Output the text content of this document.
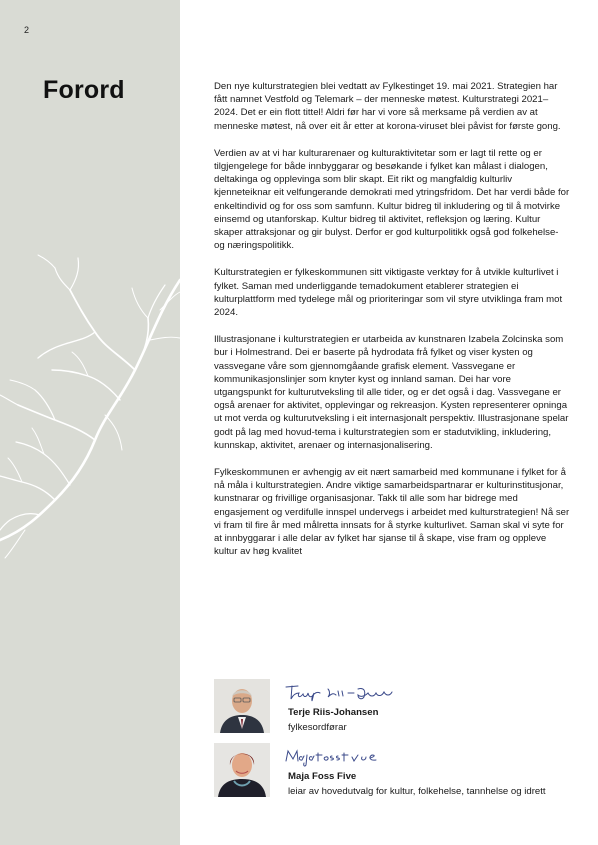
2
Forord	Den nye kulturstrategien blei vedtatt av Fylkestinget 19. mai 2021. Strategien har fått namnet Vestfold og Telemark – der menneske møtest. Kulturstrategi 2021–2024. Det er ein flott tittel! Aldri før har vi vore så merksame på verdien av at menneske møtest, nå over eit år etter at korona-viruset blei påvist for første gong.

Verdien av at vi har kulturarenaer og kulturaktivitetar som er lagt til rette og er tilgjengelege for både innbyggarar og besøkande i fylket kan målast i dialogen, deltakinga og opplevinga som blir skapt. Eit rikt og mangfaldig kulturliv kjenneteiknar eit velfungerande demokrati med ytringsfridom. Det har verdi både for enkeltindivid og for oss som samfunn. Kultur bidreg til inkludering og til å motvirke einsemd og utanforskap. Kultur bidreg til aktivitet, refleksjon og læring. Kultur skaper attraksjonar og gir bulyst. Derfor er god kulturpolitikk også god folkehelse- og næringspolitikk.

Kulturstrategien er fylkeskommunen sitt viktigaste verktøy for å utvikle kulturlivet i fylket. Saman med underliggande temadokument etablerer strategien ei kulturplattform med tydelege mål og prioriteringar som vil styre utviklinga fram mot 2024.

Illustrasjonane i kulturstrategien er utarbeida av kunstnaren Izabela Zolcinska som bur i Holmestrand. Dei er baserte på hydrodata frå fylket og viser kysten og vassvegane våre som gjennomgåande grafisk element. Vassvegane er kommunikasjonslinjer som knyter kyst og innland saman. Dei har vore utgangspunkt for kulturutveksling til alle tider, og er det også i dag. Vassvegane er også arenaer for aktivitet, opplevingar og rekreasjon. Kysten representerer opninga ut mot verda og kulturutveksling i eit internasjonalt perspektiv. Illustrasjonane spelar godt på lag med hovud-tema i kulturstrategien som er stadutvikling, inkludering, kunnskap, aktivitet, arenaer og internasjonalisering.

Fylkeskommunen er avhengig av eit nært samarbeid med kommunane i fylket for å nå måla i kulturstrategien. Andre viktige samarbeidspartnarar er kulturinstitusjonar, kunstnarar og frivillige organisasjonar. Takk til alle som har bidrege med engasjement og verdifulle innspel undervegs i arbeidet med kulturstrategien! Nå ser vi fram til fire år med målretta innsats for å styrke kulturlivet. Saman skal vi syte for at innbyggarar i alle delar av fylket har sjanse til å skape, vise fram og oppleve kultur av høg kvalitet

Terje Riis-Johansen
fylkesordførar
Maja Foss Five
leiar av hovedutvalg for kultur, folkehelse, tannhelse og idrett
